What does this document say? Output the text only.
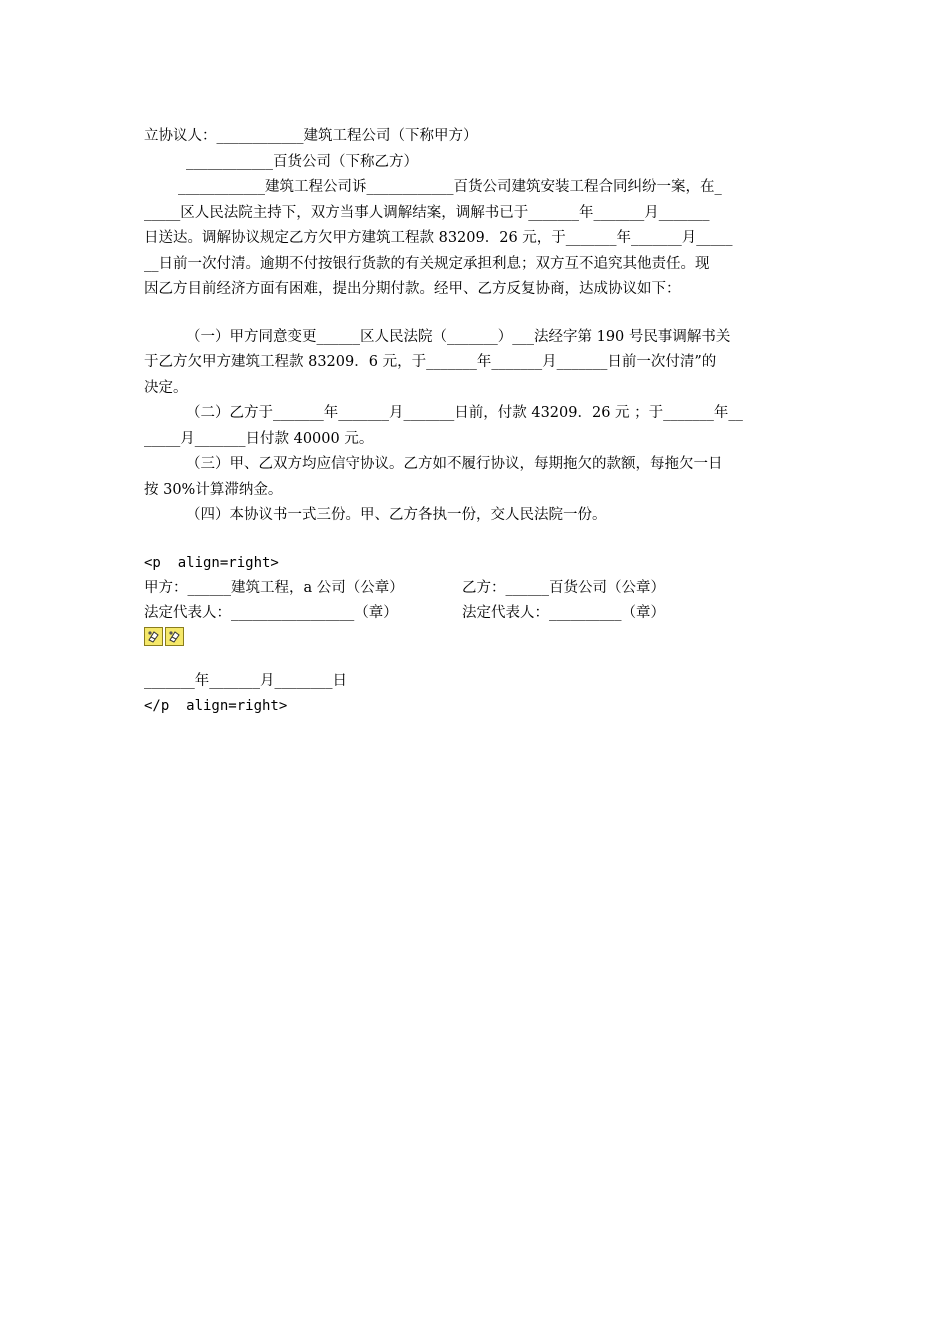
立协议人：____________建筑工程公司（下称甲方）
____________百货公司（下称乙方）
____________建筑工程公司诉____________百货公司建筑安装工程合同纠纷一案，在_
_____区人民法院主持下，双方当事人调解结案，调解书已于_______年_______月_______
日送达。调解协议规定乙方欠甲方建筑工程款 83209．26 元，于_______年_______月_____
__日前一次付清。逾期不付按银行货款的有关规定承担利息；双方互不追究其他责任。现
因乙方目前经济方面有困难，提出分期付款。经甲、乙方反复协商，达成协议如下：
（一）甲方同意变更______区人民法院（_______）___法经字第 190 号民事调解书关
于乙方欠甲方建筑工程款 83209．6 元，于_______年_______月_______日前一次付清”的
决定。
（二）乙方于_______年_______月_______日前，付款 43209．26 元 ；于_______年__
_____月_______日付款 40000 元。
（三）甲、乙双方均应信守协议。乙方如不履行协议，每期拖欠的款额，每拖欠一日
按 30%计算滞纳金。
（四）本协议书一式三份。甲、乙方各执一份，交人民法院一份。
<p  align=right>
甲方：______建筑工程，a 公司（公章）	乙方：______百货公司（公章）
法定代表人：_________________（章）	法定代表人：__________（章）
_______年_______月________日
</p  align=right>
